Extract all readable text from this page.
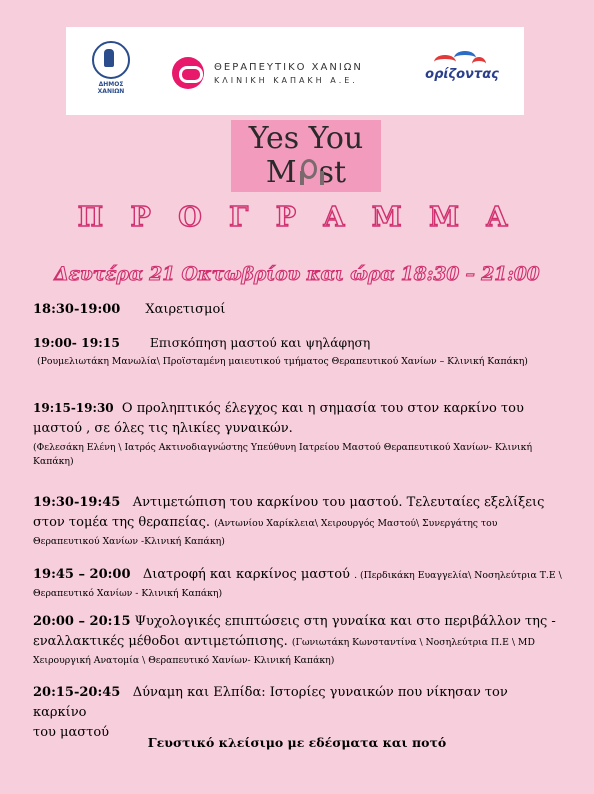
ΔΗΜΟΣ ΧΑΝΙΩΝ

ΘΕΡΑΠΕΥΤΙΚΟ ΧΑΝΙΩΝ
ΚΛΙΝΙΚΗ ΚΑΠΑΚΗ Α.Ε.	ορίζοντας
Yes You
M st
Π Ρ Ο Γ Ρ Α Μ Μ Α
Δευτέρα 21 Οκτωβρίου και ώρα 18:30 – 21:00
18:30-19:00 Χαιρετισμοί
19:00- 19:15 Επισκόπηση μαστού και ψηλάφηση
(Ρουμελιωτάκη Μανωλία\ Προϊσταμένη μαιευτικού τμήματος Θεραπευτικού Χανίων – Κλινική Καπάκη)
19:15-19:30 Ο προληπτικός έλεγχος και η σημασία του στον καρκίνο του
μαστού , σε όλες τις ηλικίες γυναικών.
(Φελεσάκη Ελένη \ Ιατρός Ακτινοδιαγνώστης Υπεύθυνη Ιατρείου Μαστού Θεραπευτικού Χανίων- Κλινική
Καπάκη)
19:30-19:45 Αντιμετώπιση του καρκίνου του μαστού. Τελευταίες εξελίξεις
στον τομέα της θεραπείας. (Αντωνίου Χαρίκλεια\ Χειρουργός Μαστού\ Συνεργάτης του
Θεραπευτικού Χανίων -Κλινική Καπάκη)
19:45 – 20:00 Διατροφή και καρκίνος μαστού . (Περδικάκη Ευαγγελία\ Νοσηλεύτρια Τ.Ε \
Θεραπευτικό Χανίων - Κλινική Καπάκη)
20:00 – 20:15 Ψυχολογικές επιπτώσεις στη γυναίκα και στο περιβάλλον της -
εναλλακτικές μέθοδοι αντιμετώπισης. (Γωνιωτάκη Κωνσταντίνα \ Νοσηλεύτρια Π.Ε \ MD
Χειρουργική Ανατομία \ Θεραπευτικό Χανίων- Κλινική Καπάκη)
20:15-20:45 Δύναμη και Ελπίδα: Ιστορίες γυναικών που νίκησαν τον καρκίνο
του μαστού
Γευστικό κλείσιμο με εδέσματα και ποτό
